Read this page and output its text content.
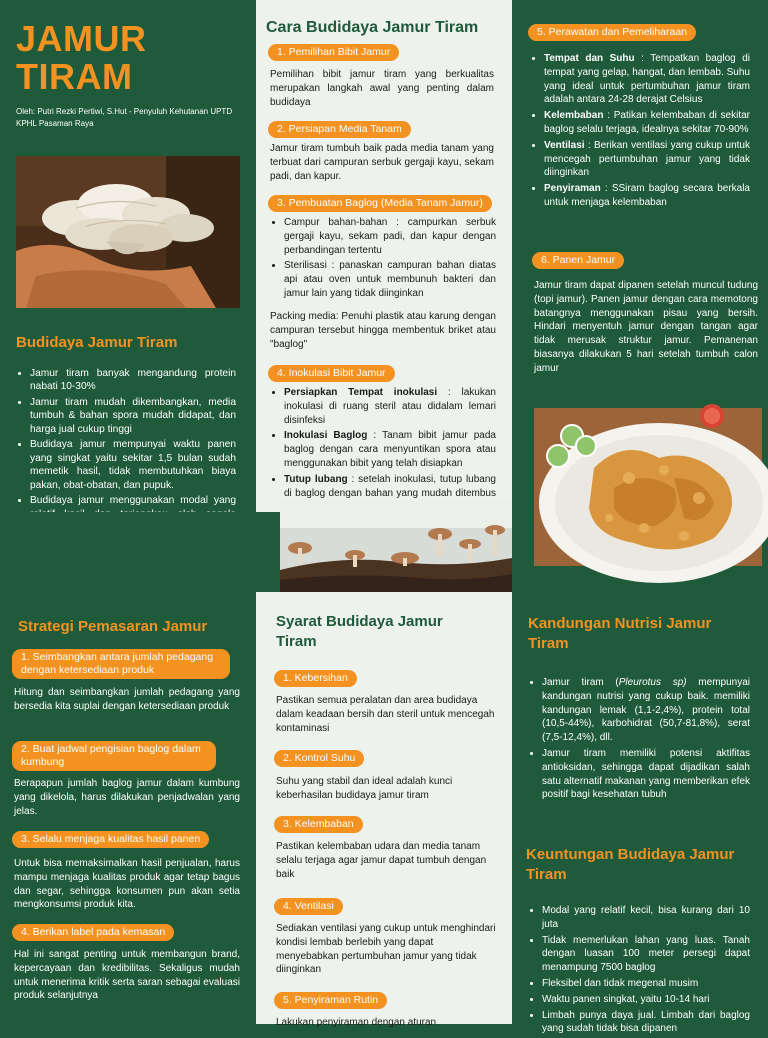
JAMUR
TIRAM
Oleh: Putri Rezki Pertiwi, S.Hut - Penyuluh Kehutanan UPTD KPHL Pasaman Raya
Budidaya Jamur Tiram
• Jamur tiram banyak mengandung protein nabati 10-30%
• Jamur tiram mudah dikembangkan, media tumbuh & bahan spora mudah didapat, dan harga jual cukup tinggi
• Budidaya jamur mempunyai waktu panen yang singkat yaitu sekitar 1,5 bulan sudah memetik hasil, tidak membutuhkan biaya pakan, obat-obatan, dan pupuk.
• Budidaya jamur menggunakan modal yang
Cara Budidaya Jamur Tiram
1. Pemilihan Bibit Jamur
Pemilihan bibit jamur tiram yang berkualitas merupakan langkah awal yang penting dalam budidaya
2. Persiapan Media Tanam
Jamur tiram tumbuh baik pada media tanam yang terbuat dari campuran serbuk gergaji kayu, sekam padi, dan kapur.
3. Pembuatan Baglog (Media Tanam Jamur)
• Campur bahan-bahan : campurkan serbuk gergaji kayu, sekam padi, dan kapur dengan perbandingan tertentu
• Sterilisasi : panaskan campuran bahan diatas api atau oven untuk membunuh bakteri dan jamur lain yang tidak diinginkan
Packing media: Penuhi plastik atau karung dengan campuran tersebut hingga membentuk briket atau "baglog"
4. Inokulasi Bibit Jamur
• Persiapkan Tempat inokulasi : lakukan inokulasi di ruang steril atau didalam lemari disinfeksi
• Inokulasi Baglog : Tanam bibit jamur pada baglog dengan cara menyuntikan spora atau menggunakan bibit yang telah disiapkan
• Tutup lubang : setelah inokulasi, tutup lubang di baglog dengan bahan yang mudah ditembus
5. Perawatan dan Pemeliharaan
• Tempat dan Suhu : Tempatkan baglog di tempat yang gelap, hangat, dan lembab. Suhu yang ideal untuk pertumbuhan jamur tiram adalah antara 24-28 derajat Celsius
• Kelembaban : Patikan kelembaban di sekitar baglog selalu terjaga, idealnya sekitar 70-90%
• Ventilasi : Berikan ventilasi yang cukup untuk mencegah pertumbuhan jamur yang tidak diinginkan
• Penyiraman : SSiram baglog secara berkala untuk menjaga kelembaban
6. Panen Jamur
Jamur tiram dapat dipanen setelah muncul tudung (topi jamur). Panen jamur dengan cara memotong batangnya menggunakan pisau yang bersih. Hindari menyentuh jamur dengan tangan agar tidak merusak struktur jamur. Pemanenan biasanya dilakukan 5 hari setelah tumbuh calon jamur
Strategi Pemasaran Jamur
1. Seimbangkan antara jumlah pedagang dengan ketersediaan produk
Hitung dan seimbangkan jumlah pedagang yang bersedia kita suplai dengan ketersediaan produk
2. Buat jadwal pengisian baglog dalam kumbung
Berapapun jumlah baglog jamur dalam kumbung yang dikelola, harus dilakukan penjadwalan yang jelas.
3. Selalu menjaga kualitas hasil panen
Untuk bisa memaksimalkan hasil penjualan, harus mampu menjaga kualitas produk agar tetap bagus dan segar, sehingga konsumen pun akan setia mengkonsumsi produk kita.
4. Berikan label pada kemasan
Hal ini sangat penting untuk membangun brand, kepercayaan dan kredibilitas. Sekaligus mudah untuk menerima kritik serta saran sebagai evaluasi produk selanjutnya
Syarat Budidaya Jamur Tiram
1. Kebersihan
Pastikan semua peralatan dan area budidaya dalam keadaan bersih dan steril untuk mencegah kontaminasi
2. Kontrol Suhu
Suhu yang stabil dan ideal adalah kunci keberhasilan budidaya jamur tiram
3. Kelembaban
Pastikan kelembaban udara dan media tanam selalu terjaga agar jamur dapat tumbuh dengan baik
4. Ventilasi
Sediakan ventilasi yang cukup untuk menghindari kondisi lembab berlebih yang dapat menyebabkan pertumbuhan jamur yang tidak diinginkan
5. Penyiraman Rutin
Lakukan penyiraman dengan aturan
Kandungan Nutrisi Jamur Tiram
• Jamur tiram (Pleurotus sp) mempunyai kandungan nutrisi yang cukup baik. memiliki kandungan lemak (1,1-2,4%), protein total (10,5-44%), karbohidrat (50,7-81,8%), serat (7,5-12,4%), dll.
• Jamur tiram memiliki potensi aktifitas antioksidan, sehingga dapat dijadikan salah satu alternatif makanan yang memberikan efek positif bagi kesehatan tubuh
Keuntungan Budidaya Jamur Tiram
• Modal yang relatif kecil, bisa kurang dari 10 juta
• Tidak memerlukan lahan yang luas. Tanah dengan luasan 100 meter persegi dapat menampung 7500 baglog
• Fleksibel dan tidak megenal musim
• Waktu panen singkat, yaitu 10-14 hari
• Limbah punya daya jual. Limbah dari baglog yang sudah tidak bisa dipanen
